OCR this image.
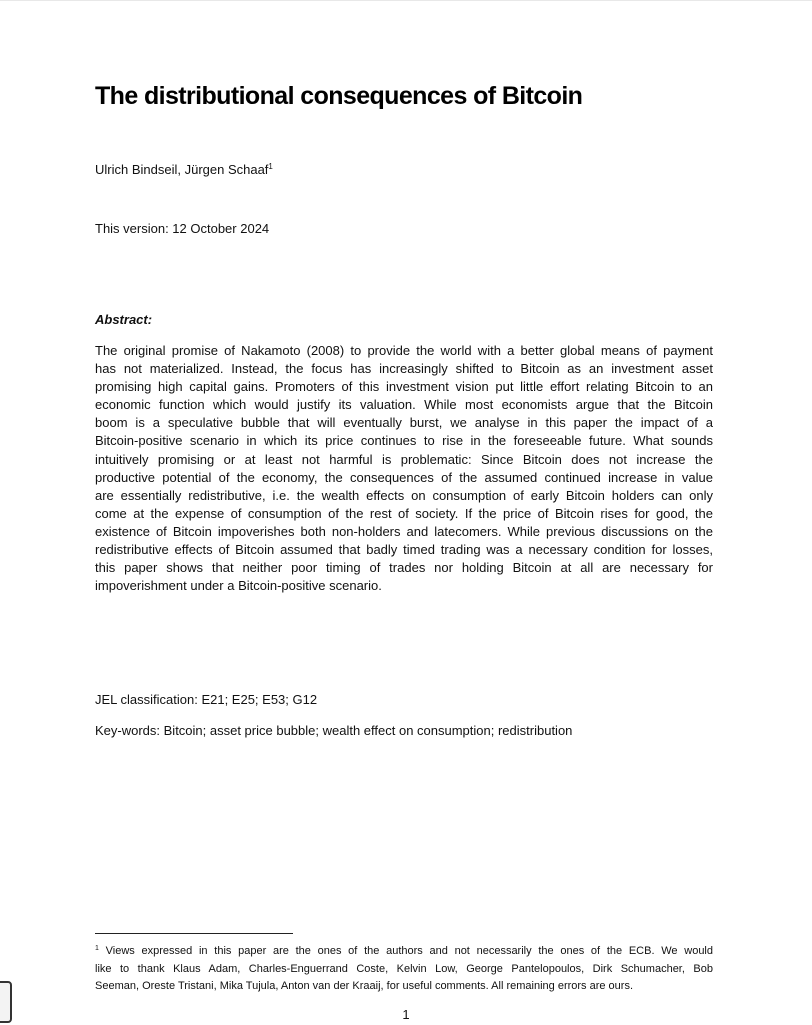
The distributional consequences of Bitcoin
Ulrich Bindseil, Jürgen Schaaf$^1$
This version: 12 October 2024
Abstract:
The original promise of Nakamoto (2008) to provide the world with a better global means of payment
has not materialized. Instead, the focus has increasingly shifted to Bitcoin as an investment asset
promising high capital gains. Promoters of this investment vision put little effort relating Bitcoin to an
economic function which would justify its valuation. While most economists argue that the Bitcoin
boom is a speculative bubble that will eventually burst, we analyse in this paper the impact of a
Bitcoin-positive scenario in which its price continues to rise in the foreseeable future. What sounds
intuitively promising or at least not harmful is problematic: Since Bitcoin does not increase the
productive potential of the economy, the consequences of the assumed continued increase in value
are essentially redistributive, i.e. the wealth effects on consumption of early Bitcoin holders can only
come at the expense of consumption of the rest of society. If the price of Bitcoin rises for good, the
existence of Bitcoin impoverishes both non-holders and latecomers. While previous discussions on the
redistributive effects of Bitcoin assumed that badly timed trading was a necessary condition for losses,
this paper shows that neither poor timing of trades nor holding Bitcoin at all are necessary for
impoverishment under a Bitcoin-positive scenario.
JEL classification: E21; E25; E53; G12
Key-words: Bitcoin; asset price bubble; wealth effect on consumption; redistribution
$^1$ Views expressed in this paper are the ones of the authors and not necessarily the ones of the ECB. We would
like to thank Klaus Adam, Charles-Enguerrand Coste, Kelvin Low, George Pantelopoulos, Dirk Schumacher, Bob
Seeman, Oreste Tristani, Mika Tujula, Anton van der Kraaij, for useful comments. All remaining errors are ours.
1
